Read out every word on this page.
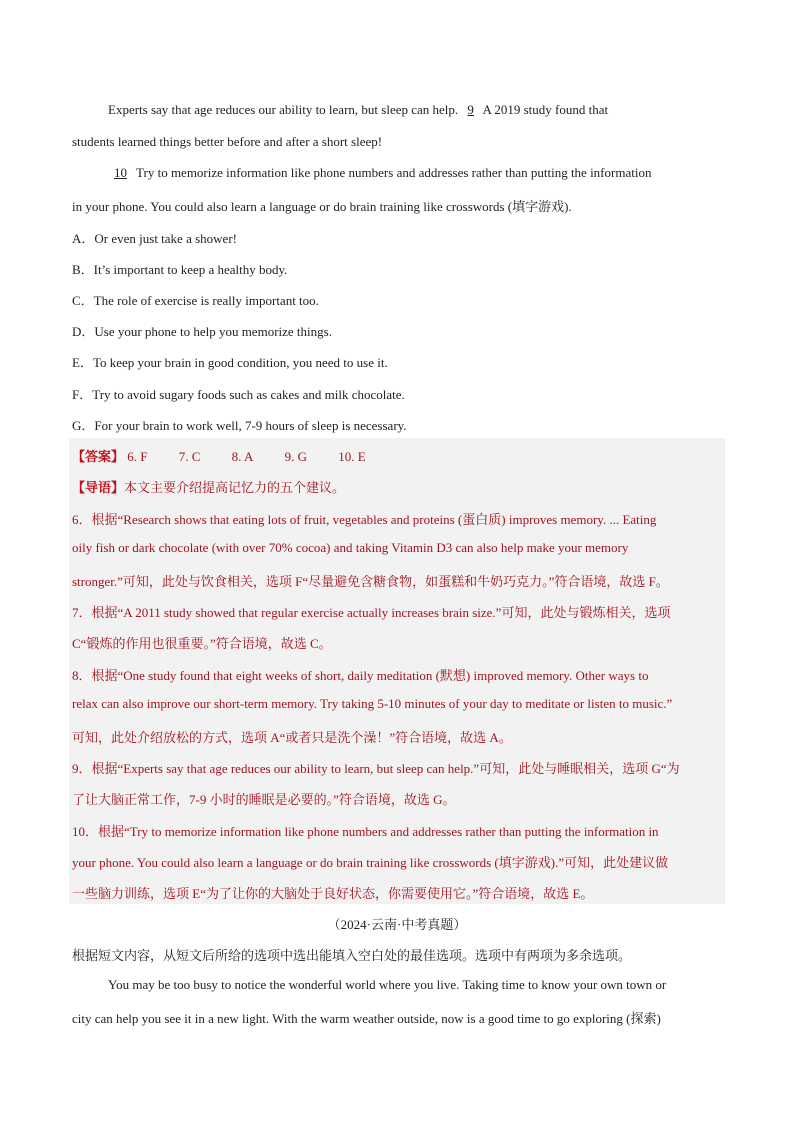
Experts say that age reduces our ability to learn, but sleep can help. 9 A 2019 study found that
students learned things better before and after a short sleep!
10 Try to memorize information like phone numbers and addresses rather than putting the information
in your phone. You could also learn a language or do brain training like crosswords (填字游戏).
A．Or even just take a shower!
B．It’s important to keep a healthy body.
C．The role of exercise is really important too.
D．Use your phone to help you memorize things.
E．To keep your brain in good condition, you need to use it.
F．Try to avoid sugary foods such as cakes and milk chocolate.
G．For your brain to work well, 7-9 hours of sleep is necessary.
【答案】 6. F 7. C 8. A 9. G 10. E
【导语】本文主要介绍提高记忆力的五个建议。
6．根据“Research shows that eating lots of fruit, vegetables and proteins (蛋白质) improves memory. ... Eating
oily fish or dark chocolate (with over 70% cocoa) and taking Vitamin D3 can also help make your memory
stronger.”可知，此处与饮食相关，选项 F“尽量避免含糖食物，如蛋糕和牛奶巧克力。”符合语境，故选 F。
7．根据“A 2011 study showed that regular exercise actually increases brain size.”可知，此处与锻炼相关，选项
C“锻炼的作用也很重要。”符合语境，故选 C。
8．根据“One study found that eight weeks of short, daily meditation (默想) improved memory. Other ways to
relax can also improve our short-term memory. Try taking 5-10 minutes of your day to meditate or listen to music.”
可知，此处介绍放松的方式，选项 A“或者只是洗个澡！”符合语境，故选 A。
9．根据“Experts say that age reduces our ability to learn, but sleep can help.”可知，此处与睡眠相关，选项 G“为
了让大脑正常工作，7-9 小时的睡眠是必要的。”符合语境，故选 G。
10．根据“Try to memorize information like phone numbers and addresses rather than putting the information in
your phone. You could also learn a language or do brain training like crosswords (填字游戏).”可知，此处建议做
一些脑力训练，选项 E“为了让你的大脑处于良好状态，你需要使用它。”符合语境，故选 E。
（2024·云南·中考真题）
根据短文内容，从短文后所给的选项中选出能填入空白处的最佳选项。选项中有两项为多余选项。
You may be too busy to notice the wonderful world where you live. Taking time to know your own town or
city can help you see it in a new light. With the warm weather outside, now is a good time to go exploring (探索)
